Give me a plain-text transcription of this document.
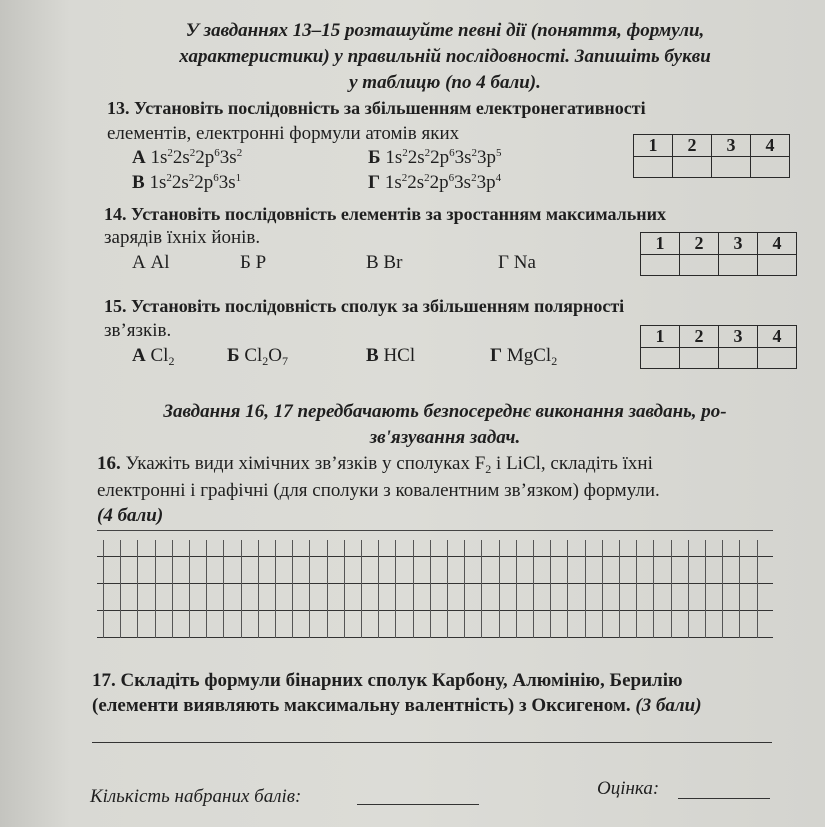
У завданнях 13–15 розташуйте певні дії (поняття, формули,
характеристики) у правильній послідовності. Запишіть букви
у таблицю (по 4 бали).
13. Установіть послідовність за збільшенням електронегативності
елементів, електронні формули атомів яких
А $1s^22s^22p^63s^2$	Б $1s^22s^22p^63s^23p^5$
В $1s^22s^22p^63s^1$	Г $1s^22s^22p^63s^23p^4$
1	2	3	4

14. Установіть послідовність елементів за зростанням максимальних
зарядів їхніх йонів.
А Al	Б P	В Br	Г Na
1	2	3	4

15. Установіть послідовність сполук за збільшенням полярності
зв’язків.
А $Cl_2$	Б $Cl_2O_7$	В HCl	Г MgCl$_2$
1	2	3	4

Завдання 16, 17 передбачають безпосереднє виконання завдань, ро-
зв'язування задач.
16. Укажіть види хімічних зв’язків у сполуках $F_2$ і LiCl, складіть їхні
електронні і графічні (для сполуки з ковалентним зв’язком) формули.
(4 бали)
17. Складіть формули бінарних сполук Карбону, Алюмінію, Берилію
(елементи виявляють максимальну валентність) з Оксигеном. (3 бали)
Кількість набраних балів:	Оцінка:
